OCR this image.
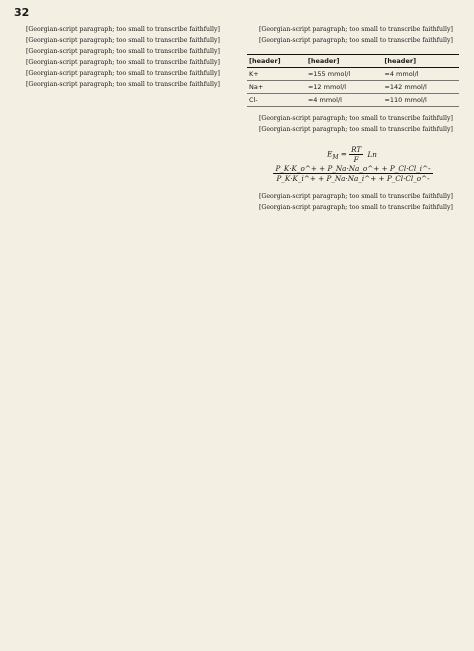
32

[Georgian-script paragraph; too small to transcribe faithfully]

[Georgian-script paragraph; too small to transcribe faithfully]

[Georgian-script paragraph; too small to transcribe faithfully]

[Georgian-script paragraph; too small to transcribe faithfully]

[Georgian-script paragraph; too small to transcribe faithfully]

[Georgian-script paragraph; too small to transcribe faithfully]

[Georgian-script paragraph; too small to transcribe faithfully]

[Georgian-script paragraph; too small to transcribe faithfully]

[header]	[header]	[header]
K+	≈155 mmol/l	≈4 mmol/l
Na+	≈12 mmol/l	≈142 mmol/l
Cl-	≈4 mmol/l	≈110 mmol/l

[Georgian-script paragraph; too small to transcribe faithfully]

[Georgian-script paragraph; too small to transcribe faithfully]

$E_M = \frac{RT}{F}$ Ln
$\frac{P\_K\cdot K\_o\^{}+ + P\_Na\cdot Na\_o\^{}+ + P\_Cl\cdot Cl\_i\^{}-}{P\_K\cdot K\_i\^{}+ + P\_Na\cdot Na\_i\^{}+ + P\_Cl\cdot Cl\_o\^{}-}$

[Georgian-script paragraph; too small to transcribe faithfully]

[Georgian-script paragraph; too small to transcribe faithfully]
